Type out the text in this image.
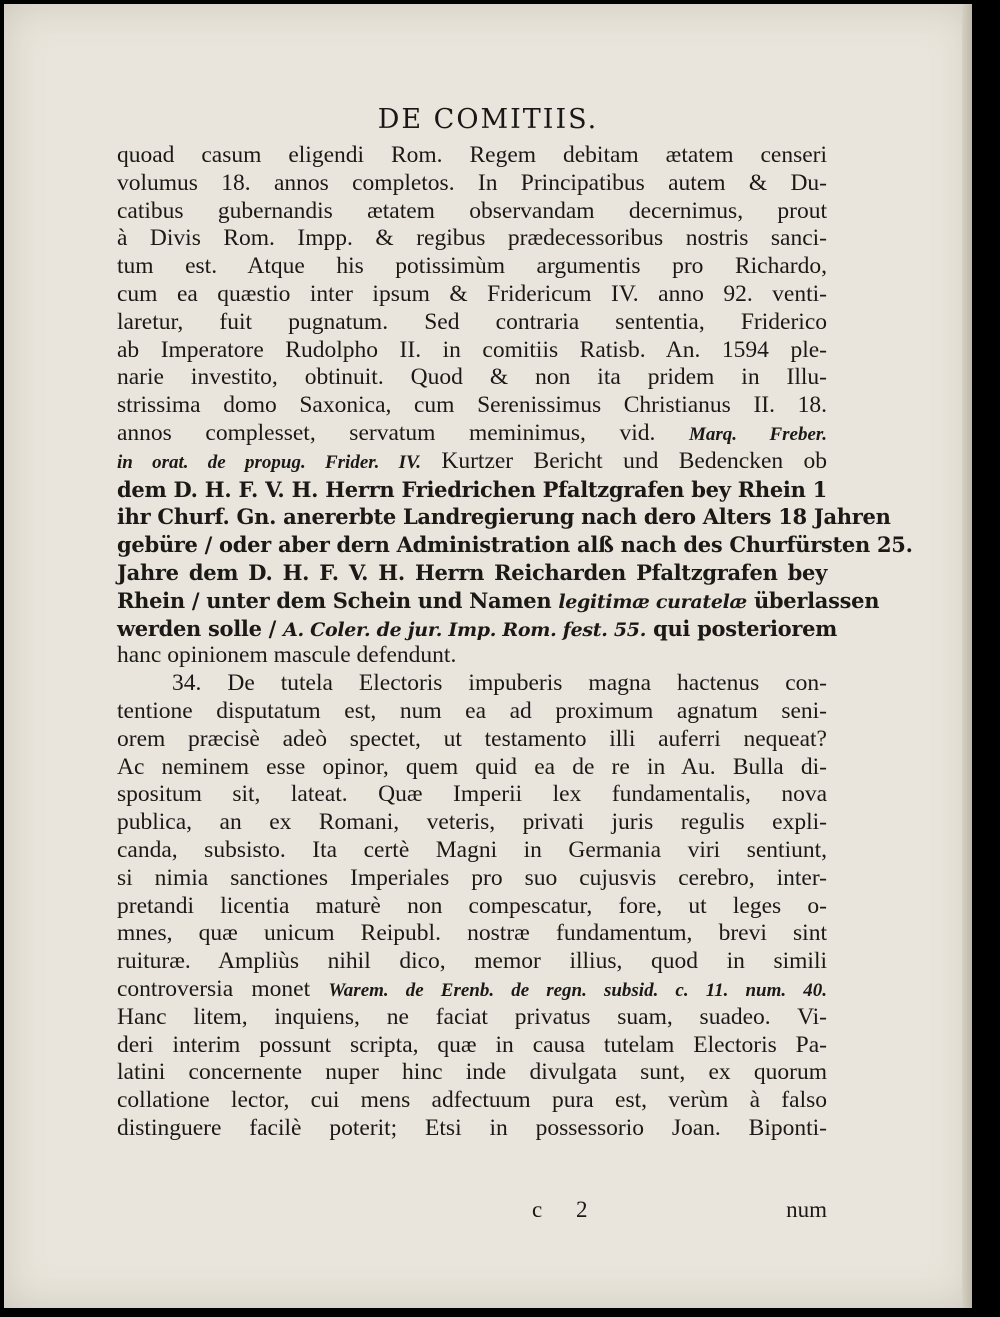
DE COMITIIS.
quoad casum eligendi Rom. Regem debitam ætatem censeri
volumus 18. annos completos. In Principatibus autem & Du-
catibus gubernandis ætatem observandam decernimus, prout
à Divis Rom. Impp. & regibus prædecessoribus nostris sanci-
tum est. Atque his potissimùm argumentis pro Richardo,
cum ea quæstio inter ipsum & Fridericum IV. anno 92. venti-
laretur, fuit pugnatum. Sed contraria sententia, Friderico
ab Imperatore Rudolpho II. in comitiis Ratisb. An. 1594 ple-
narie investito, obtinuit. Quod & non ita pridem in Illu-
strissima domo Saxonica, cum Serenissimus Christianus II. 18.
annos complesset, servatum meminimus, vid. Marq. Freber.
in orat. de propug. Frider. IV. Kurtzer Bericht und Bedencken ob
dem D. H. F. V. H. Herrn Friedrichen Pfaltzgrafen bey Rhein 1
ihr Churf. Gn. anererbte Landregierung nach dero Alters 18 Jahren
gebüre / oder aber dern Administration alß nach des Churfürsten 25.
Jahre dem D. H. F. V. H. Herrn Reicharden Pfaltzgrafen bey
Rhein / unter dem Schein und Namen legitimæ curatelæ überlassen
werden solle / A. Coler. de jur. Imp. Rom. fest. 55. qui posteriorem
hanc opinionem mascule defendunt.
34. De tutela Electoris impuberis magna hactenus con-
tentione disputatum est, num ea ad proximum agnatum seni-
orem præcisè adeò spectet, ut testamento illi auferri nequeat?
Ac neminem esse opinor, quem quid ea de re in Au. Bulla di-
spositum sit, lateat. Quæ Imperii lex fundamentalis, nova
publica, an ex Romani, veteris, privati juris regulis expli-
canda, subsisto. Ita certè Magni in Germania viri sentiunt,
si nimia sanctiones Imperiales pro suo cujusvis cerebro, inter-
pretandi licentia maturè non compescatur, fore, ut leges o-
mnes, quæ unicum Reipubl. nostræ fundamentum, brevi sint
ruituræ. Ampliùs nihil dico, memor illius, quod in simili
controversia monet Warem. de Erenb. de regn. subsid. c. 11. num. 40.
Hanc litem, inquiens, ne faciat privatus suam, suadeo. Vi-
deri interim possunt scripta, quæ in causa tutelam Electoris Pa-
latini concernente nuper hinc inde divulgata sunt, ex quorum
collatione lector, cui mens adfectuum pura est, verùm à falso
distinguere facilè poterit; Etsi in possessorio Joan. Biponti-
c 2	num
